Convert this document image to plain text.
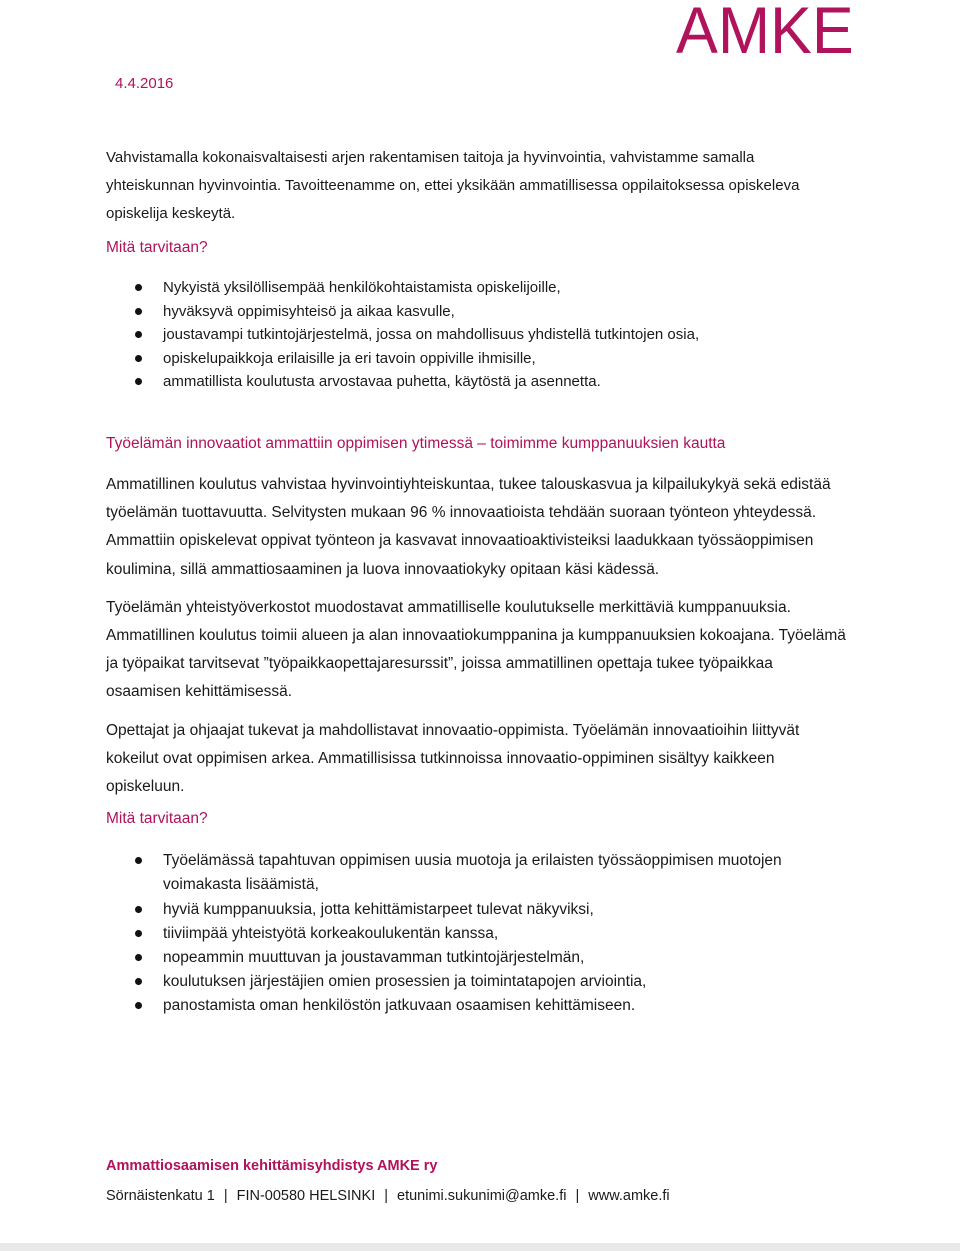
AMKE
4.4.2016

Vahvistamalla kokonaisvaltaisesti arjen rakentamisen taitoja ja hyvinvointia, vahvistamme samalla yhteiskunnan hyvinvointia. Tavoitteenamme on, ettei yksikään ammatillisessa oppilaitoksessa opiskeleva opiskelija keskeytä.

Mitä tarvitaan?

Nykyistä yksilöllisempää henkilökohtaistamista opiskelijoille,
hyväksyvä oppimisyhteisö ja aikaa kasvulle,
joustavampi tutkintojärjestelmä, jossa on mahdollisuus yhdistellä tutkintojen osia,
opiskelupaikkoja erilaisille ja eri tavoin oppiville ihmisille,
ammatillista koulutusta arvostavaa puhetta, käytöstä ja asennetta.

Työelämän innovaatiot ammattiin oppimisen ytimessä – toimimme kumppanuuksien kautta

Ammatillinen koulutus vahvistaa hyvinvointiyhteiskuntaa, tukee talouskasvua ja kilpailukykyä sekä edistää työelämän tuottavuutta. Selvitysten mukaan 96 % innovaatioista tehdään suoraan työnteon yhteydessä. Ammattiin opiskelevat oppivat työnteon ja kasvavat innovaatioaktivisteiksi laadukkaan työssäoppimisen koulimina, sillä ammattiosaaminen ja luova innovaatiokyky opitaan käsi kädessä.

Työelämän yhteistyöverkostot muodostavat ammatilliselle koulutukselle merkittäviä kumppanuuksia. Ammatillinen koulutus toimii alueen ja alan innovaatiokumppanina ja kumppanuuksien kokoajana. Työelämä ja työpaikat tarvitsevat ”työpaikkaopettajaresurssit”, joissa ammatillinen opettaja tukee työpaikkaa osaamisen kehittämisessä.

Opettajat ja ohjaajat tukevat ja mahdollistavat innovaatio-oppimista. Työelämän innovaatioihin liittyvät kokeilut ovat oppimisen arkea. Ammatillisissa tutkinnoissa innovaatio-oppiminen sisältyy kaikkeen opiskeluun.

Mitä tarvitaan?

Työelämässä tapahtuvan oppimisen uusia muotoja ja erilaisten työssäoppimisen muotojen voimakasta lisäämistä,
hyviä kumppanuuksia, jotta kehittämistarpeet tulevat näkyviksi,
tiiviimpää yhteistyötä korkeakoulukentän kanssa,
nopeammin muuttuvan ja joustavamman tutkintojärjestelmän,
koulutuksen järjestäjien omien prosessien ja toimintatapojen arviointia,
panostamista oman henkilöstön jatkuvaan osaamisen kehittämiseen.

Ammattiosaamisen kehittämisyhdistys AMKE ry

Sörnäistenkatu 1 | FIN-00580 HELSINKI | etunimi.sukunimi@amke.fi | www.amke.fi
